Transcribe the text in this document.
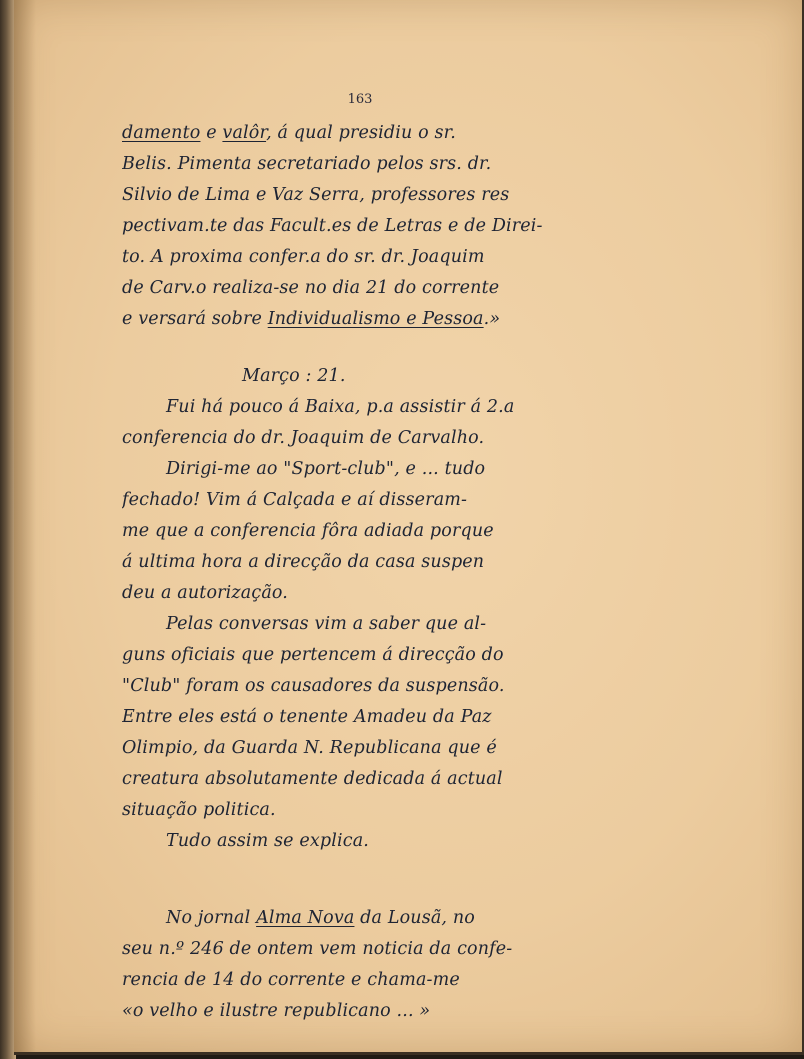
163
damento e valôr, á qual presidiu o sr.
Belis. Pimenta secretariado pelos srs. dr.
Silvio de Lima e Vaz Serra, professores res
pectivam.te das Facult.es de Letras e de Direi-
to. A proxima confer.a do sr. dr. Joaquim
de Carv.o realiza-se no dia 21 do corrente
e versará sobre Individualismo e Pessoa.»
Março : 21.
Fui há pouco á Baixa, p.a assistir á 2.a
conferencia do dr. Joaquim de Carvalho.
Dirigi-me ao "Sport-club", e ... tudo
fechado! Vim á Calçada e aí disseram-
me que a conferencia fôra adiada porque
á ultima hora a direcção da casa suspen
deu a autorização.
Pelas conversas vim a saber que al-
guns oficiais que pertencem á direcção do
"Club" foram os causadores da suspensão.
Entre eles está o tenente Amadeu da Paz
Olimpio, da Guarda N. Republicana que é
creatura absolutamente dedicada á actual
situação politica.
Tudo assim se explica.
No jornal Alma Nova da Lousã, no
seu n.º 246 de ontem vem noticia da confe-
rencia de 14 do corrente e chama-me
«o velho e ilustre republicano ... »
